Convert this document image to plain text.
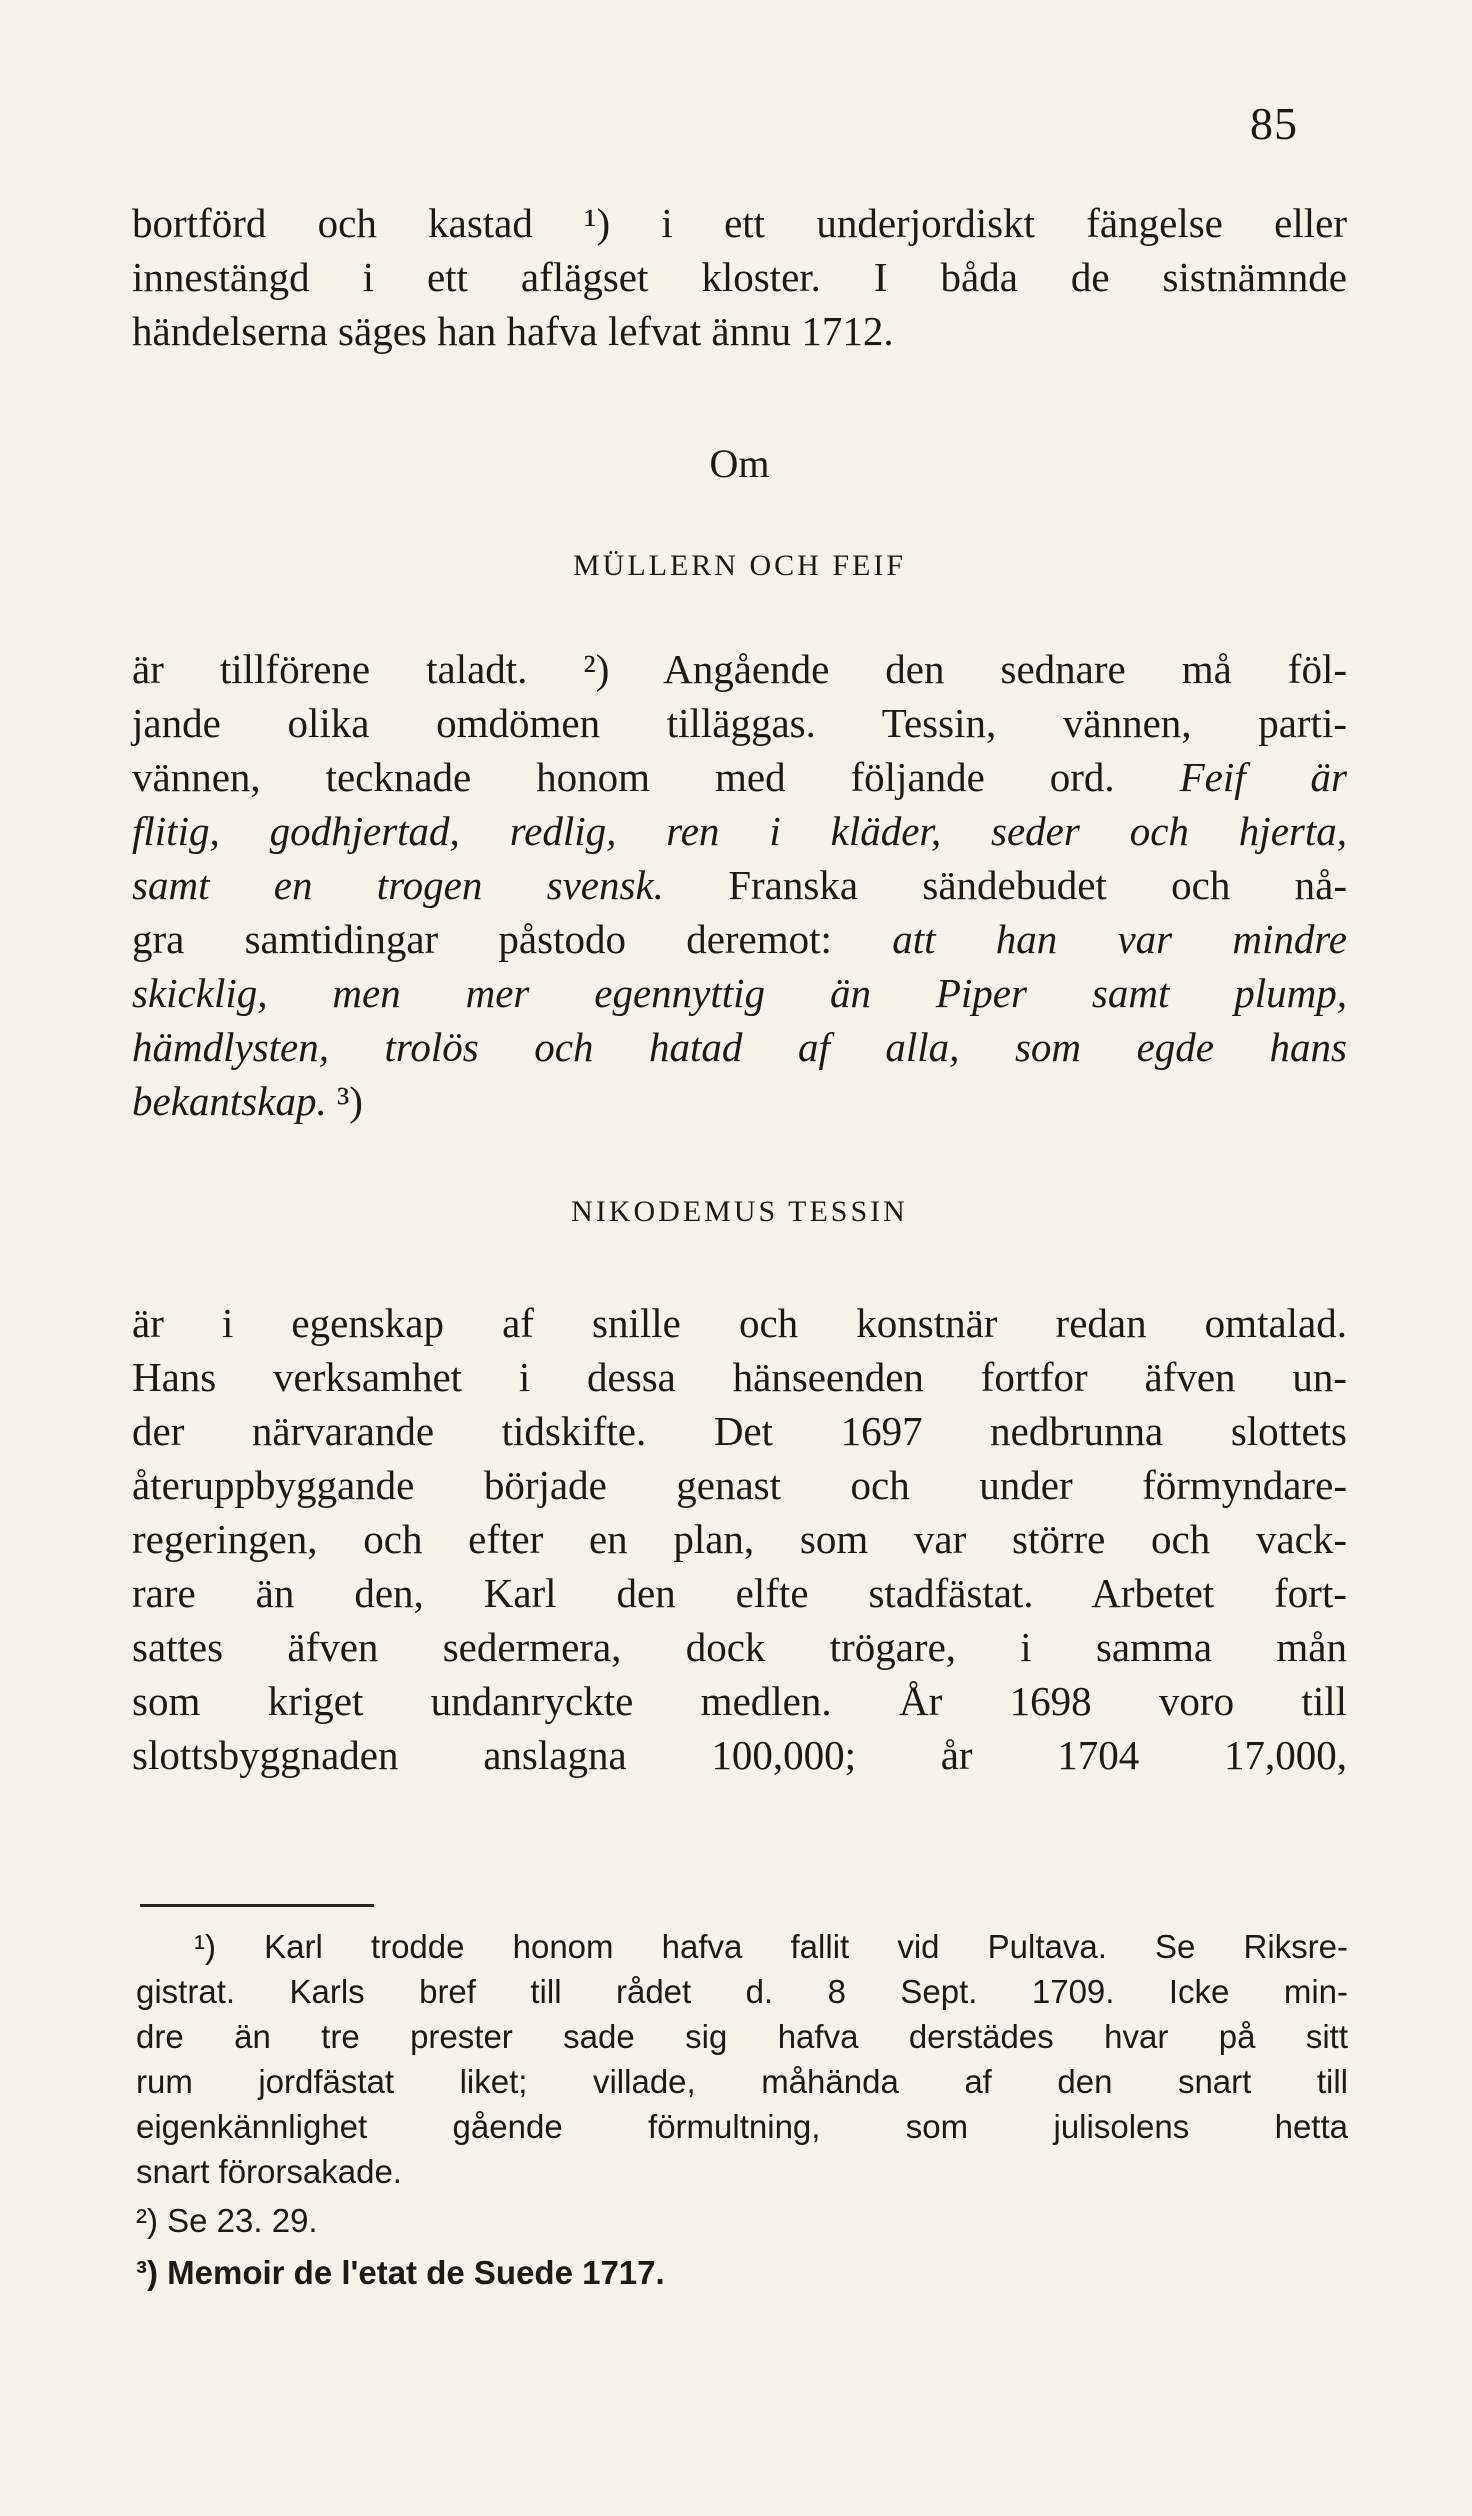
85
bortförd och kastad ¹) i ett underjordiskt fängelse eller
innestängd i ett aflägset kloster. I båda de sistnämnde
händelserna säges han hafva lefvat ännu 1712.
Om
MÜLLERN OCH FEIF
är tillförene taladt. ²) Angående den sednare må föl-
jande olika omdömen tilläggas. Tessin, vännen, parti-
vännen, tecknade honom med följande ord. Feif är
flitig, godhjertad, redlig, ren i kläder, seder och hjerta,
samt en trogen svensk. Franska sändebudet och nå-
gra samtidingar påstodo deremot: att han var mindre
skicklig, men mer egennyttig än Piper samt plump,
hämdlysten, trolös och hatad af alla, som egde hans
bekantskap. ³)
NIKODEMUS TESSIN
är i egenskap af snille och konstnär redan omtalad.
Hans verksamhet i dessa hänseenden fortfor äfven un-
der närvarande tidskifte. Det 1697 nedbrunna slottets
återuppbyggande började genast och under förmyndare-
regeringen, och efter en plan, som var större och vack-
rare än den, Karl den elfte stadfästat. Arbetet fort-
sattes äfven sedermera, dock trögare, i samma mån
som kriget undanryckte medlen. År 1698 voro till
slottsbyggnaden anslagna 100,000; år 1704 17,000,
¹) Karl trodde honom hafva fallit vid Pultava. Se Riksre-
gistrat. Karls bref till rådet d. 8 Sept. 1709. Icke min-
dre än tre prester sade sig hafva derstädes hvar på sitt
rum jordfästat liket; villade, måhända af den snart till
eigenkännlighet gående förmultning, som julisolens hetta
snart förorsakade.
²) Se 23. 29.
³) Memoir de l'etat de Suede 1717.
